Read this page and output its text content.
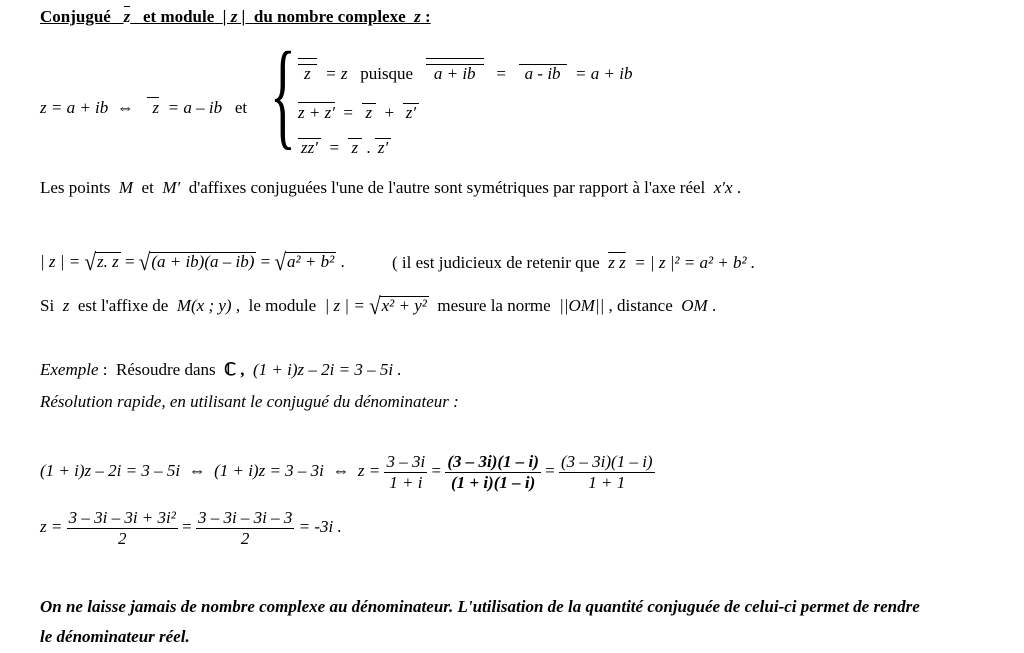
Conjugué z et module | z | du nombre complexe z :
z = a + ib ⇔ z = a – ib et { z = z puisque a + ib = a - ib = a + ib
z + z′ = z + z′
zz′ = z . z′
Les points M et M′ d'affixes conjuguées l'une de l'autre sont symétriques par rapport à l'axe réel x′x .
| z | = √z. z = √(a + ib)(a – ib) = √a² + b² .	( il est judicieux de retenir que z z = | z |² = a² + b² .
Si z est l'affixe de M(x ; y) , le module | z | = √x² + y² mesure la norme ||OM|| , distance OM .
Exemple : Résoudre dans ℂ , (1 + i)z – 2i = 3 – 5i .
Résolution rapide, en utilisant le conjugué du dénominateur :
(1 + i)z – 2i = 3 – 5i ⇔ (1 + i)z = 3 – 3i ⇔ $z = \frac{3 - 3i}{1 + i} = \frac{(3 - 3i)(1 - i)}{(1 + i)(1 - i)} = \frac{(3 - 3i)(1 - i)}{1 + 1}$
$z = \frac{\text{3 – 3i – 3i + 3i²}}{2} = \frac{3 - 3i - 3i - 3}{2} = -3i$ .
On ne laisse jamais de nombre complexe au dénominateur. L'utilisation de la quantité conjuguée de celui-ci permet de rendre
le dénominateur réel.
